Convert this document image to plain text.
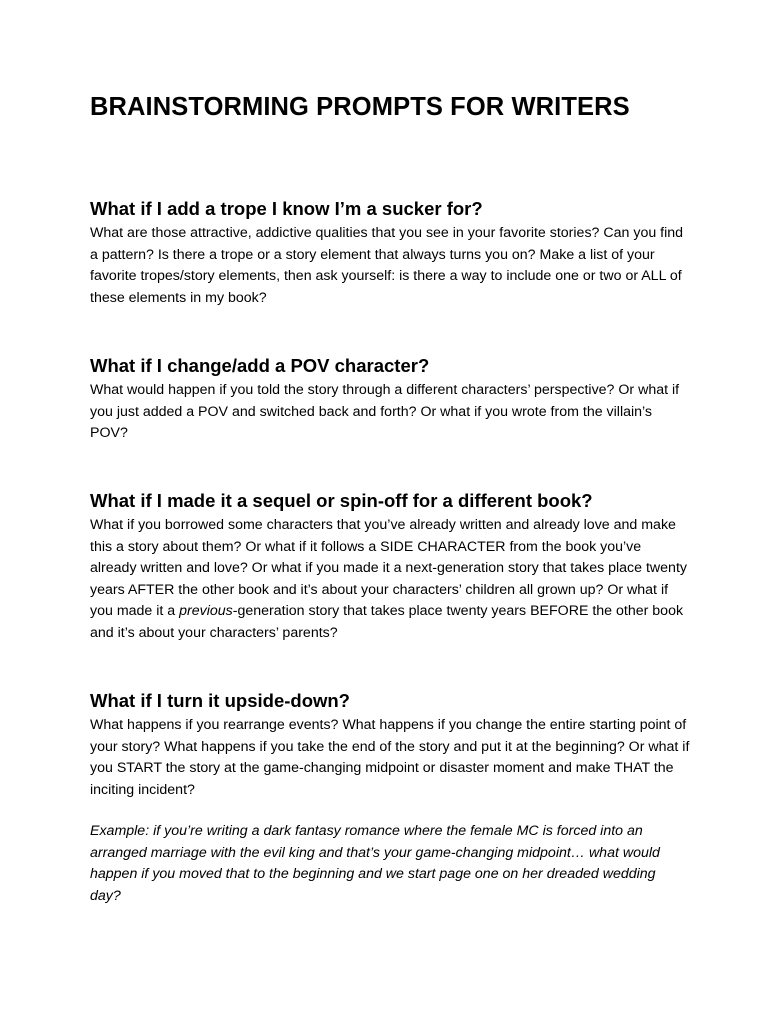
BRAINSTORMING PROMPTS FOR WRITERS
What if I add a trope I know I’m a sucker for?

What are those attractive, addictive qualities that you see in your favorite stories? Can you find a pattern? Is there a trope or a story element that always turns you on? Make a list of your favorite tropes/story elements, then ask yourself: is there a way to include one or two or ALL of these elements in my book?

What if I change/add a POV character?

What would happen if you told the story through a different characters’ perspective? Or what if you just added a POV and switched back and forth? Or what if you wrote from the villain’s POV?

What if I made it a sequel or spin-off for a different book?

What if you borrowed some characters that you’ve already written and already love and make this a story about them? Or what if it follows a SIDE CHARACTER from the book you’ve already written and love? Or what if you made it a next-generation story that takes place twenty years AFTER the other book and it’s about your characters’ children all grown up? Or what if you made it a previous-generation story that takes place twenty years BEFORE the other book and it’s about your characters’ parents?

What if I turn it upside-down?

What happens if you rearrange events? What happens if you change the entire starting point of your story? What happens if you take the end of the story and put it at the beginning? Or what if you START the story at the game-changing midpoint or disaster moment and make THAT the inciting incident?

Example: if you’re writing a dark fantasy romance where the female MC is forced into an arranged marriage with the evil king and that’s your game-changing midpoint… what would happen if you moved that to the beginning and we start page one on her dreaded wedding day?
